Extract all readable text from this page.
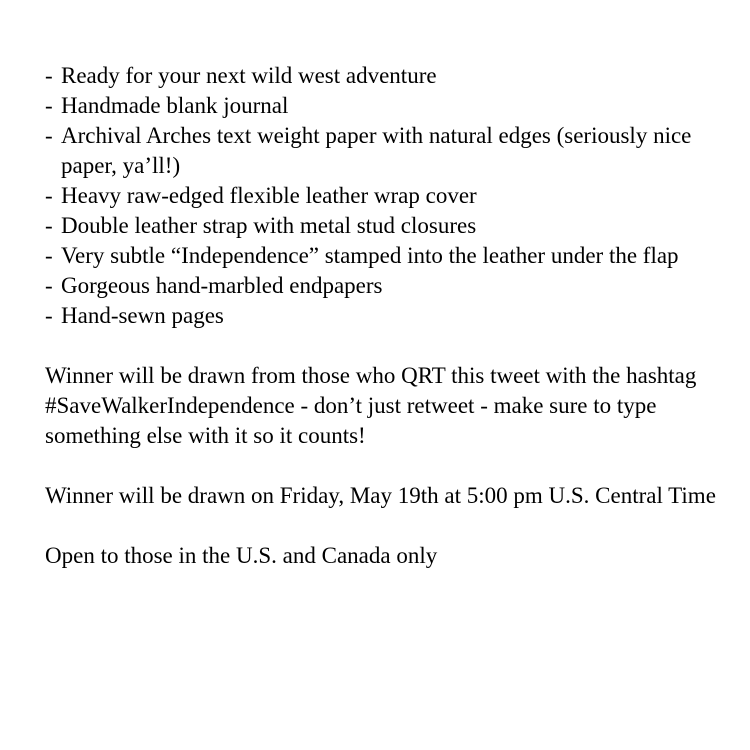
- Ready for your next wild west adventure
- Handmade blank journal
- Archival Arches text weight paper with natural edges (seriously nice paper, ya’ll!)
- Heavy raw-edged flexible leather wrap cover
- Double leather strap with metal stud closures
- Very subtle “Independence” stamped into the leather under the flap
- Gorgeous hand-marbled endpapers
- Hand-sewn pages

Winner will be drawn from those who QRT this tweet with the hashtag #SaveWalkerIndependence - don’t just retweet - make sure to type something else with it so it counts!

Winner will be drawn on Friday, May 19th at 5:00 pm U.S. Central Time

Open to those in the U.S. and Canada only
